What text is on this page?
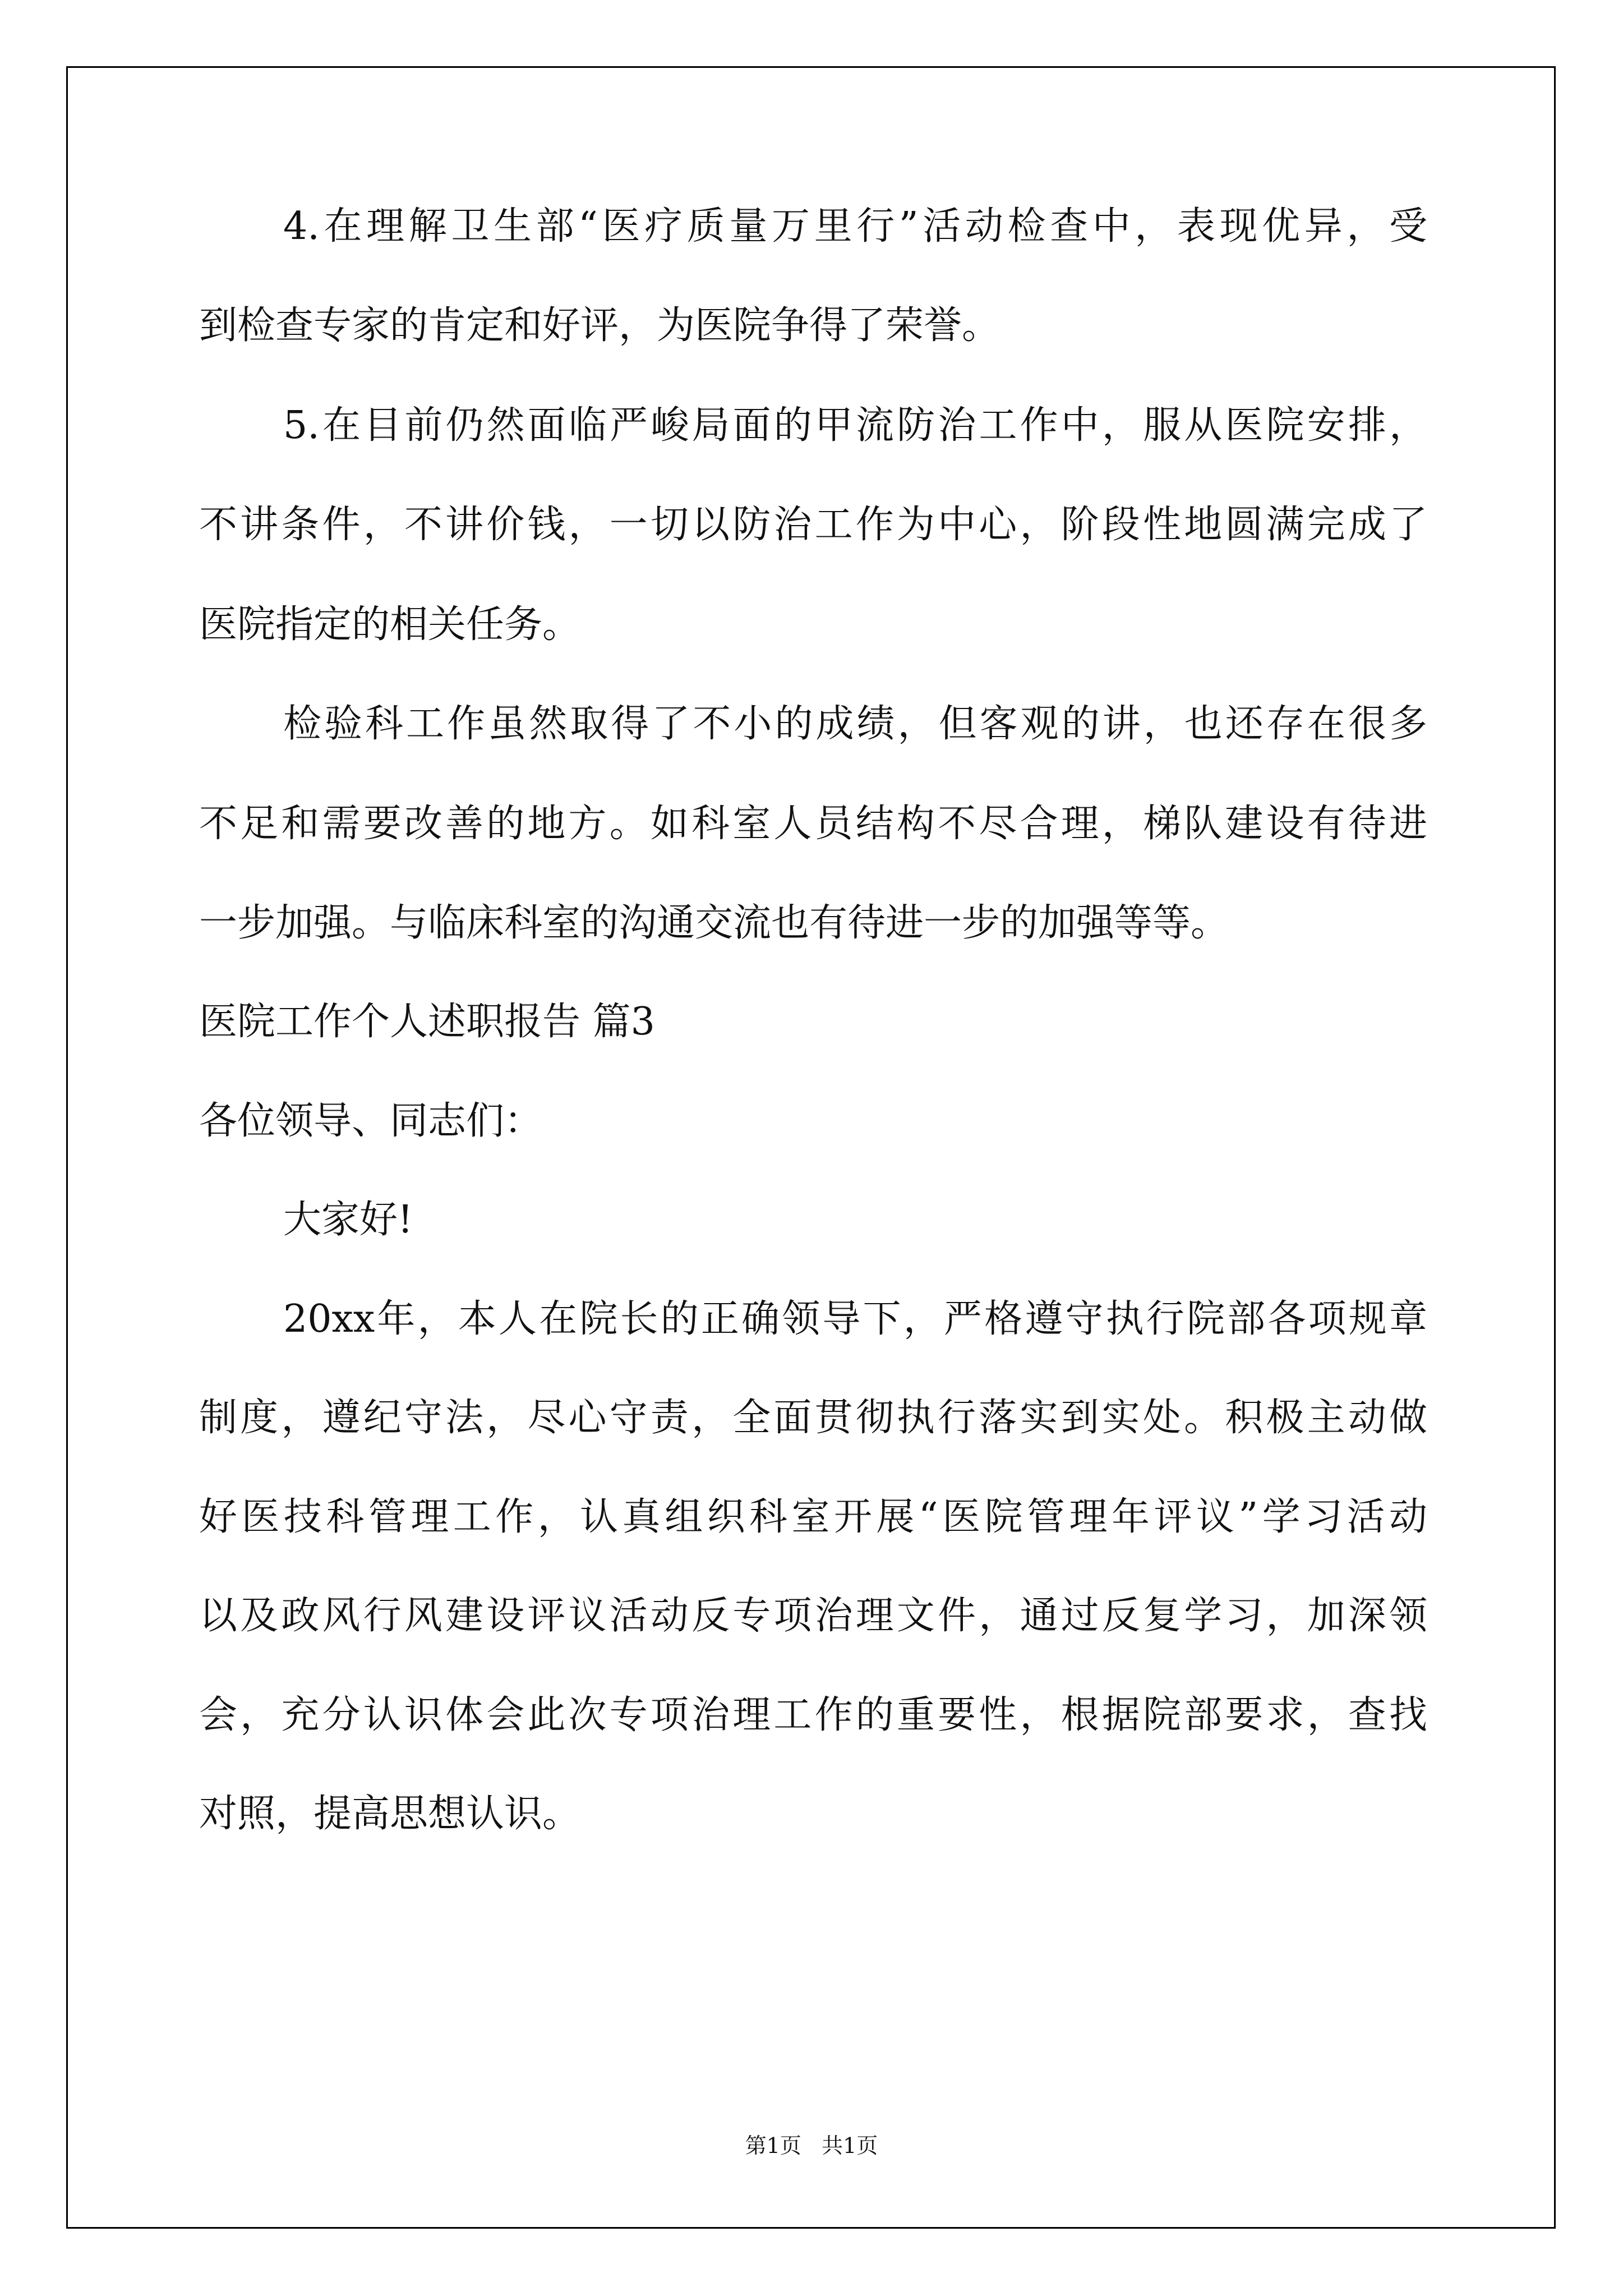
4.在理解卫生部“医疗质量万里行”活动检查中，表现优异，受

到检查专家的肯定和好评，为医院争得了荣誉。

5.在目前仍然面临严峻局面的甲流防治工作中，服从医院安排，

不讲条件，不讲价钱，一切以防治工作为中心，阶段性地圆满完成了

医院指定的相关任务。

检验科工作虽然取得了不小的成绩，但客观的讲，也还存在很多

不足和需要改善的地方。如科室人员结构不尽合理，梯队建设有待进

一步加强。与临床科室的沟通交流也有待进一步的加强等等。

医院工作个人述职报告 篇3

各位领导、同志们：

大家好!

20xx年，本人在院长的正确领导下，严格遵守执行院部各项规章

制度，遵纪守法，尽心守责，全面贯彻执行落实到实处。积极主动做

好医技科管理工作，认真组织科室开展“医院管理年评议”学习活动

以及政风行风建设评议活动反专项治理文件，通过反复学习，加深领

会，充分认识体会此次专项治理工作的重要性，根据院部要求，查找

对照，提高思想认识。

第1页   共1页
